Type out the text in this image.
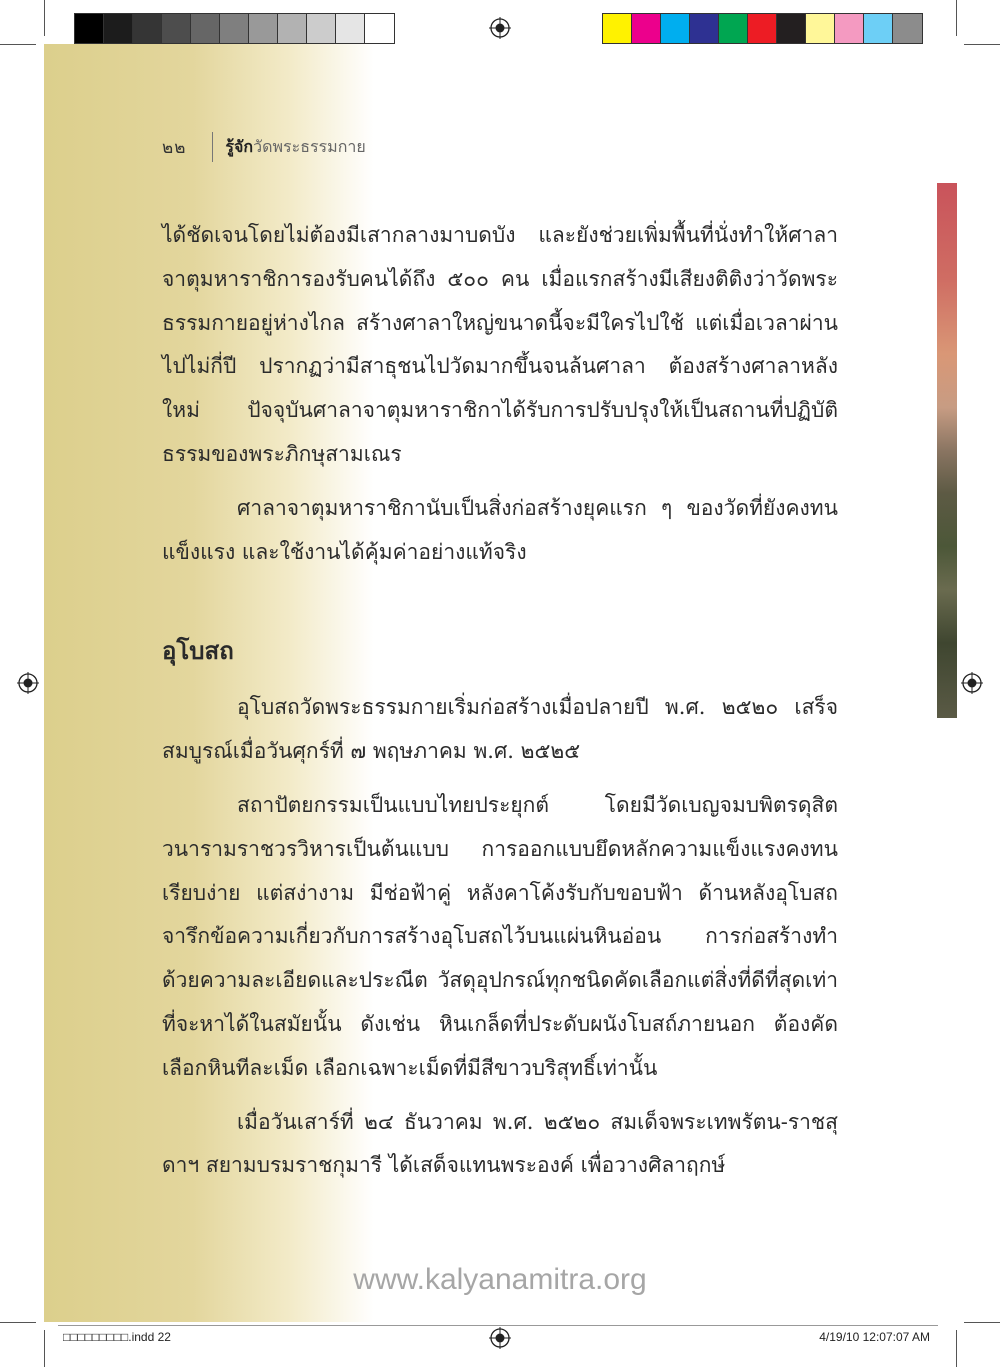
๒๒ รู้จักวัดพระธรรมกาย

ได้ชัดเจนโดยไม่ต้องมีเสากลางมาบดบัง และยังช่วยเพิ่มพื้นที่นั่งทำให้ศาลาจาตุมหาราชิการองรับคนได้ถึง ๕๐๐ คน เมื่อแรกสร้างมีเสียงติติงว่าวัดพระธรรมกายอยู่ห่างไกล สร้างศาลาใหญ่ขนาดนี้จะมีใครไปใช้ แต่เมื่อเวลาผ่านไปไม่กี่ปี ปรากฏว่ามีสาธุชนไปวัดมากขึ้นจนล้นศาลา ต้องสร้างศาลาหลังใหม่ ปัจจุบันศาลาจาตุมหาราชิกาได้รับการปรับปรุงให้เป็นสถานที่ปฏิบัติธรรมของพระภิกษุสามเณร

ศาลาจาตุมหาราชิกานับเป็นสิ่งก่อสร้างยุคแรก ๆ ของวัดที่ยังคงทนแข็งแรง และใช้งานได้คุ้มค่าอย่างแท้จริง

อุโบสถ

อุโบสถวัดพระธรรมกายเริ่มก่อสร้างเมื่อปลายปี พ.ศ. ๒๕๒๐ เสร็จสมบูรณ์เมื่อวันศุกร์ที่ ๗ พฤษภาคม พ.ศ. ๒๕๒๕

สถาปัตยกรรมเป็นแบบไทยประยุกต์ โดยมีวัดเบญจมบพิตรดุสิตวนารามราชวรวิหารเป็นต้นแบบ การออกแบบยึดหลักความแข็งแรงคงทน เรียบง่าย แต่สง่างาม มีช่อฟ้าคู่ หลังคาโค้งรับกับขอบฟ้า ด้านหลังอุโบสถจารึกข้อความเกี่ยวกับการสร้างอุโบสถไว้บนแผ่นหินอ่อน การก่อสร้างทำด้วยความละเอียดและประณีต วัสดุอุปกรณ์ทุกชนิดคัดเลือกแต่สิ่งที่ดีที่สุดเท่าที่จะหาได้ในสมัยนั้น ดังเช่น หินเกล็ดที่ประดับผนังโบสถ์ภายนอก ต้องคัดเลือกหินทีละเม็ด เลือกเฉพาะเม็ดที่มีสีขาวบริสุทธิ์เท่านั้น

เมื่อวันเสาร์ที่ ๒๔ ธันวาคม พ.ศ. ๒๕๒๐ สมเด็จพระเทพรัตน-ราชสุดาฯ สยามบรมราชกุมารี ได้เสด็จแทนพระองค์ เพื่อวางศิลาฤกษ์

www.kalyanamitra.org
□□□□□□□□□.indd 22	4/19/10 12:07:07 AM
